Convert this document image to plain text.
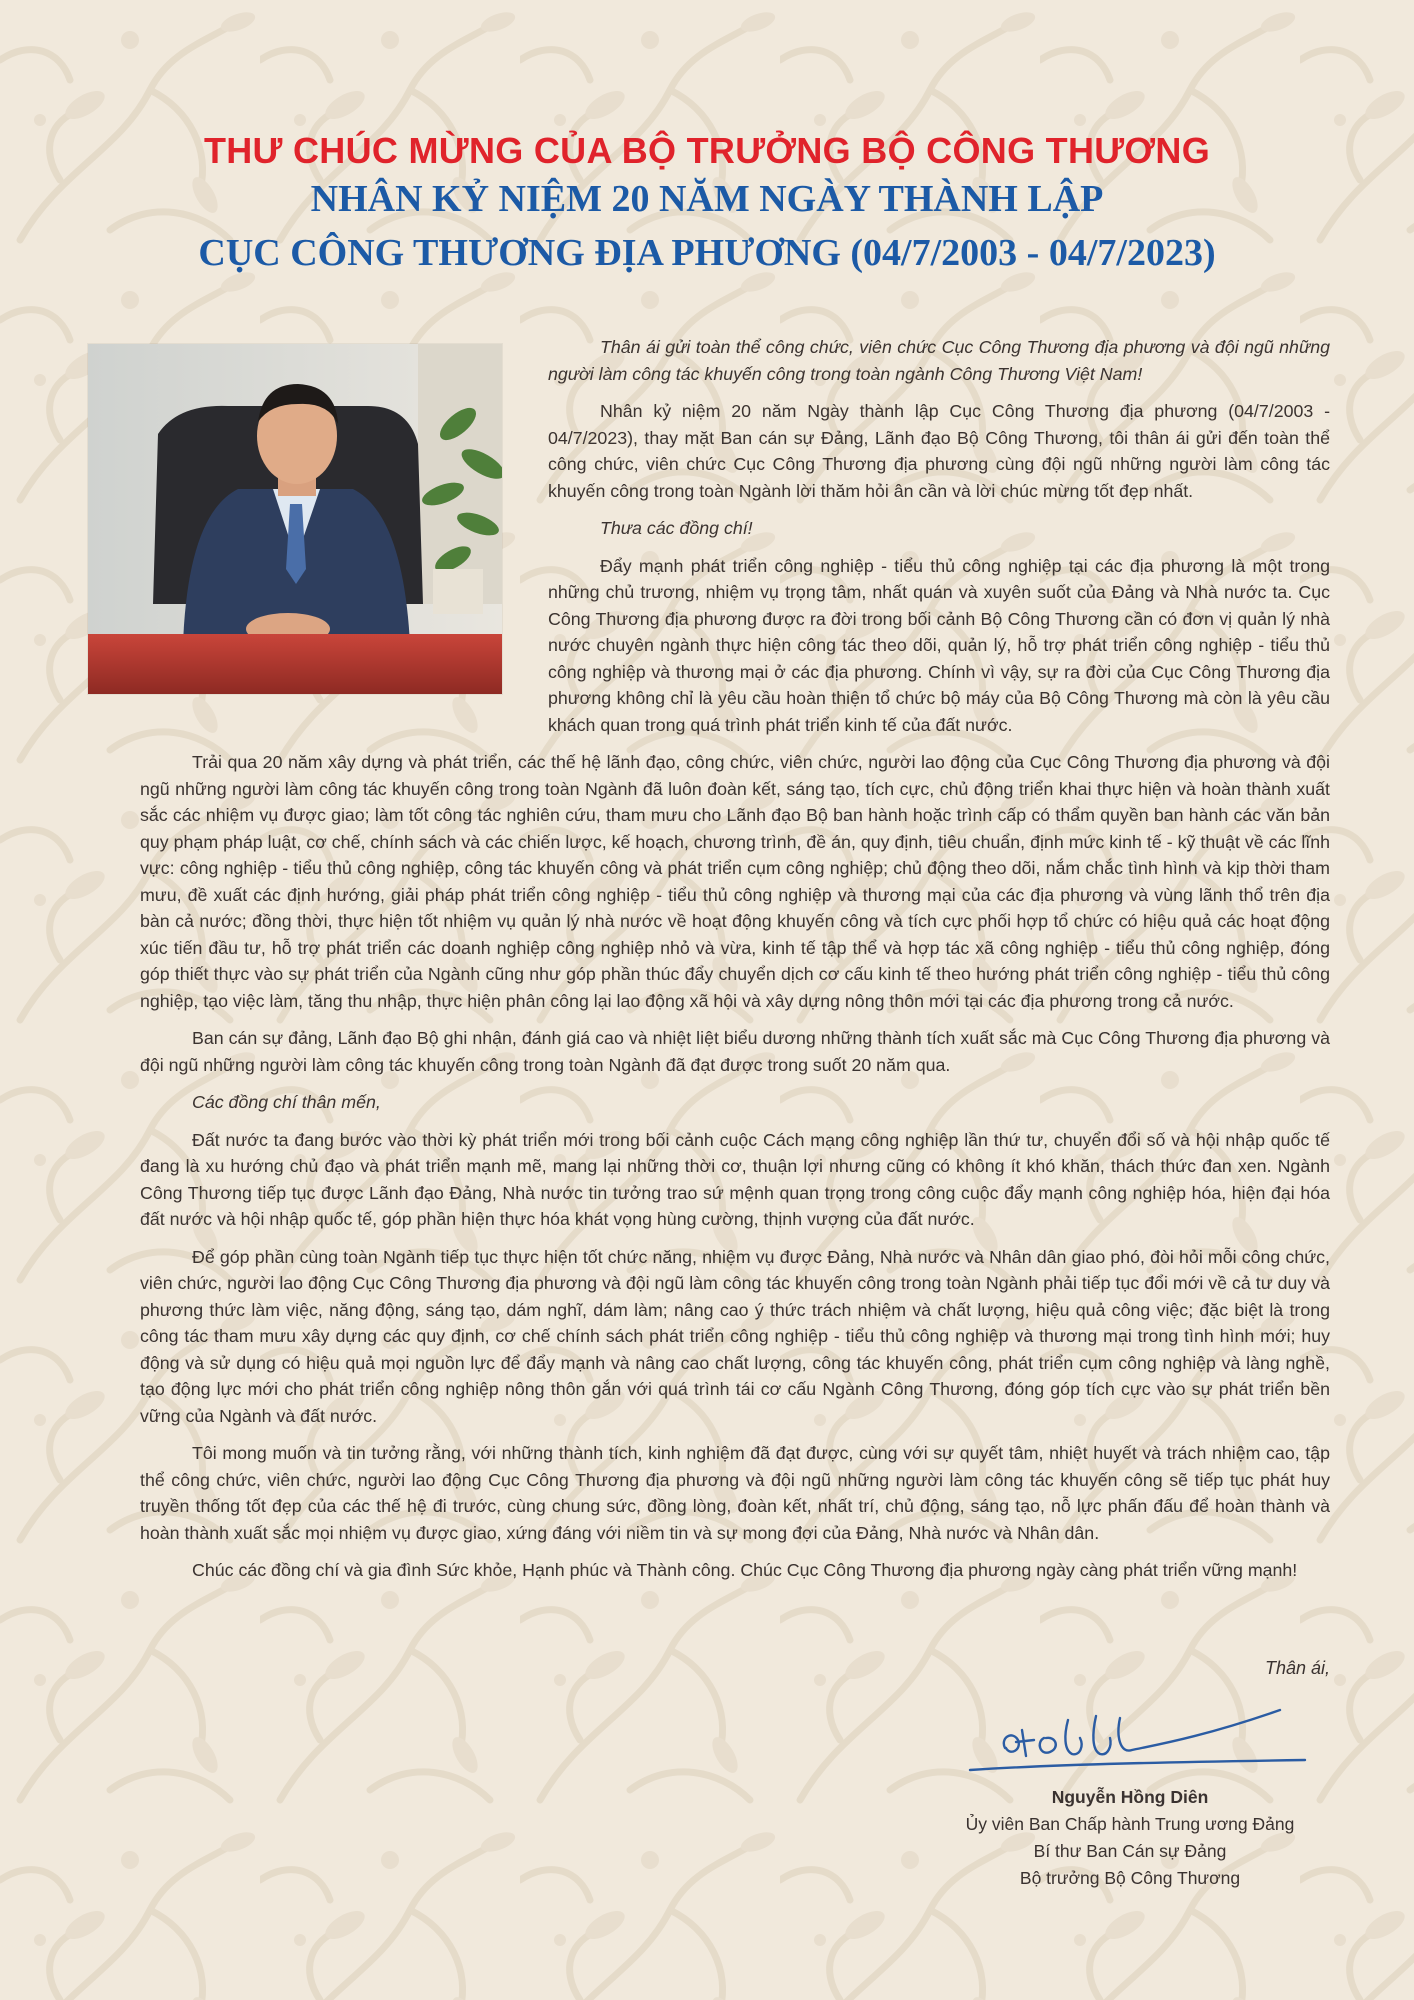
THƯ CHÚC MỪNG CỦA BỘ TRƯỞNG BỘ CÔNG THƯƠNG
NHÂN KỶ NIỆM 20 NĂM NGÀY THÀNH LẬP
CỤC CÔNG THƯƠNG ĐỊA PHƯƠNG (04/7/2003 - 04/7/2023)

Thân ái gửi toàn thể công chức, viên chức Cục Công Thương địa phương và đội ngũ những người làm công tác khuyến công trong toàn ngành Công Thương Việt Nam!

Nhân kỷ niệm 20 năm Ngày thành lập Cục Công Thương địa phương (04/7/2003 - 04/7/2023), thay mặt Ban cán sự Đảng, Lãnh đạo Bộ Công Thương, tôi thân ái gửi đến toàn thể công chức, viên chức Cục Công Thương địa phương cùng đội ngũ những người làm công tác khuyến công trong toàn Ngành lời thăm hỏi ân cần và lời chúc mừng tốt đẹp nhất.

Thưa các đồng chí!

Đẩy mạnh phát triển công nghiệp - tiểu thủ công nghiệp tại các địa phương là một trong những chủ trương, nhiệm vụ trọng tâm, nhất quán và xuyên suốt của Đảng và Nhà nước ta. Cục Công Thương địa phương được ra đời trong bối cảnh Bộ Công Thương cần có đơn vị quản lý nhà nước chuyên ngành thực hiện công tác theo dõi, quản lý, hỗ trợ phát triển công nghiệp - tiểu thủ công nghiệp và thương mại ở các địa phương. Chính vì vậy, sự ra đời của Cục Công Thương địa phương không chỉ là yêu cầu hoàn thiện tổ chức bộ máy của Bộ Công Thương mà còn là yêu cầu khách quan trong quá trình phát triển kinh tế của đất nước.

Trải qua 20 năm xây dựng và phát triển, các thế hệ lãnh đạo, công chức, viên chức, người lao động của Cục Công Thương địa phương và đội ngũ những người làm công tác khuyến công trong toàn Ngành đã luôn đoàn kết, sáng tạo, tích cực, chủ động triển khai thực hiện và hoàn thành xuất sắc các nhiệm vụ được giao; làm tốt công tác nghiên cứu, tham mưu cho Lãnh đạo Bộ ban hành hoặc trình cấp có thẩm quyền ban hành các văn bản quy phạm pháp luật, cơ chế, chính sách và các chiến lược, kế hoạch, chương trình, đề án, quy định, tiêu chuẩn, định mức kinh tế - kỹ thuật về các lĩnh vực: công nghiệp - tiểu thủ công nghiệp, công tác khuyến công và phát triển cụm công nghiệp; chủ động theo dõi, nắm chắc tình hình và kịp thời tham mưu, đề xuất các định hướng, giải pháp phát triển công nghiệp - tiểu thủ công nghiệp và thương mại của các địa phương và vùng lãnh thổ trên địa bàn cả nước; đồng thời, thực hiện tốt nhiệm vụ quản lý nhà nước về hoạt động khuyến công và tích cực phối hợp tổ chức có hiệu quả các hoạt động xúc tiến đầu tư, hỗ trợ phát triển các doanh nghiệp công nghiệp nhỏ và vừa, kinh tế tập thể và hợp tác xã công nghiệp - tiểu thủ công nghiệp, đóng góp thiết thực vào sự phát triển của Ngành cũng như góp phần thúc đẩy chuyển dịch cơ cấu kinh tế theo hướng phát triển công nghiệp - tiểu thủ công nghiệp, tạo việc làm, tăng thu nhập, thực hiện phân công lại lao động xã hội và xây dựng nông thôn mới tại các địa phương trong cả nước.

Ban cán sự đảng, Lãnh đạo Bộ ghi nhận, đánh giá cao và nhiệt liệt biểu dương những thành tích xuất sắc mà Cục Công Thương địa phương và đội ngũ những người làm công tác khuyến công trong toàn Ngành đã đạt được trong suốt 20 năm qua.

Các đồng chí thân mến,

Đất nước ta đang bước vào thời kỳ phát triển mới trong bối cảnh cuộc Cách mạng công nghiệp lần thứ tư, chuyển đổi số và hội nhập quốc tế đang là xu hướng chủ đạo và phát triển mạnh mẽ, mang lại những thời cơ, thuận lợi nhưng cũng có không ít khó khăn, thách thức đan xen. Ngành Công Thương tiếp tục được Lãnh đạo Đảng, Nhà nước tin tưởng trao sứ mệnh quan trọng trong công cuộc đẩy mạnh công nghiệp hóa, hiện đại hóa đất nước và hội nhập quốc tế, góp phần hiện thực hóa khát vọng hùng cường, thịnh vượng của đất nước.

Để góp phần cùng toàn Ngành tiếp tục thực hiện tốt chức năng, nhiệm vụ được Đảng, Nhà nước và Nhân dân giao phó, đòi hỏi mỗi công chức, viên chức, người lao động Cục Công Thương địa phương và đội ngũ làm công tác khuyến công trong toàn Ngành phải tiếp tục đổi mới về cả tư duy và phương thức làm việc, năng động, sáng tạo, dám nghĩ, dám làm; nâng cao ý thức trách nhiệm và chất lượng, hiệu quả công việc; đặc biệt là trong công tác tham mưu xây dựng các quy định, cơ chế chính sách phát triển công nghiệp - tiểu thủ công nghiệp và thương mại trong tình hình mới; huy động và sử dụng có hiệu quả mọi nguồn lực để đẩy mạnh và nâng cao chất lượng, công tác khuyến công, phát triển cụm công nghiệp và làng nghề, tạo động lực mới cho phát triển công nghiệp nông thôn gắn với quá trình tái cơ cấu Ngành Công Thương, đóng góp tích cực vào sự phát triển bền vững của Ngành và đất nước.

Tôi mong muốn và tin tưởng rằng, với những thành tích, kinh nghiệm đã đạt được, cùng với sự quyết tâm, nhiệt huyết và trách nhiệm cao, tập thể công chức, viên chức, người lao động Cục Công Thương địa phương và đội ngũ những người làm công tác khuyến công sẽ tiếp tục phát huy truyền thống tốt đẹp của các thế hệ đi trước, cùng chung sức, đồng lòng, đoàn kết, nhất trí, chủ động, sáng tạo, nỗ lực phấn đấu để hoàn thành và hoàn thành xuất sắc mọi nhiệm vụ được giao, xứng đáng với niềm tin và sự mong đợi của Đảng, Nhà nước và Nhân dân.

Chúc các đồng chí và gia đình Sức khỏe, Hạnh phúc và Thành công. Chúc Cục Công Thương địa phương ngày càng phát triển vững mạnh!

Thân ái,
Nguyễn Hồng Diên
Ủy viên Ban Chấp hành Trung ương Đảng
Bí thư Ban Cán sự Đảng
Bộ trưởng Bộ Công Thương
